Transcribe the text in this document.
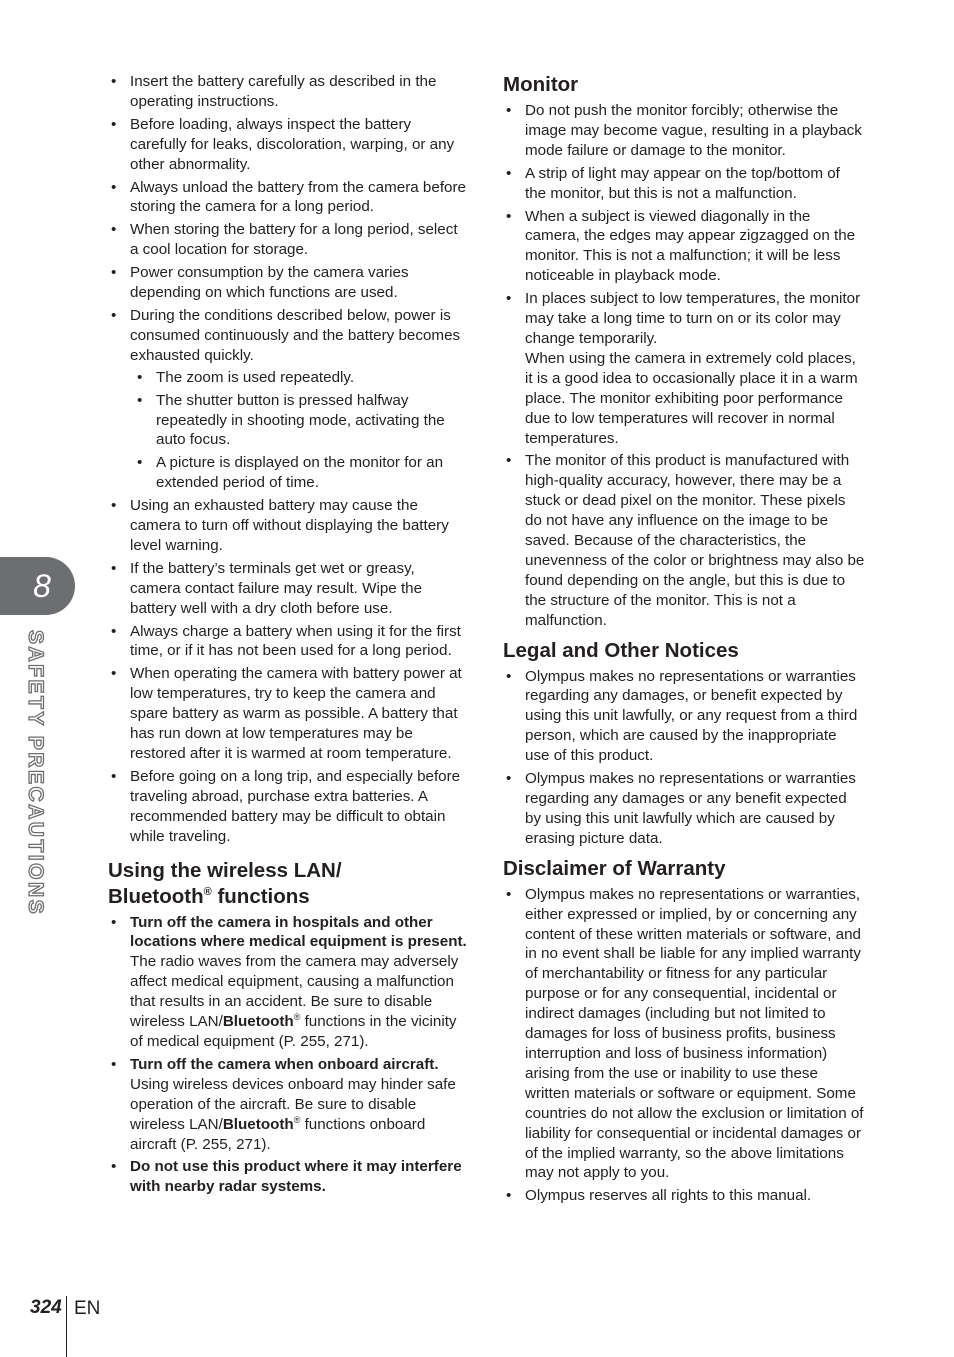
8
SAFETY PRECAUTIONS
• Insert the battery carefully as described in the operating instructions.
• Before loading, always inspect the battery carefully for leaks, discoloration, warping, or any other abnormality.
• Always unload the battery from the camera before storing the camera for a long period.
• When storing the battery for a long period, select a cool location for storage.
• Power consumption by the camera varies depending on which functions are used.
• During the conditions described below, power is consumed continuously and the battery becomes exhausted quickly.
• The zoom is used repeatedly.
• The shutter button is pressed halfway repeatedly in shooting mode, activating the auto focus.
• A picture is displayed on the monitor for an extended period of time.
• Using an exhausted battery may cause the camera to turn off without displaying the battery level warning.
• If the battery’s terminals get wet or greasy, camera contact failure may result. Wipe the battery well with a dry cloth before use.
• Always charge a battery when using it for the first time, or if it has not been used for a long period.
• When operating the camera with battery power at low temperatures, try to keep the camera and spare battery as warm as possible. A battery that has run down at low temperatures may be restored after it is warmed at room temperature.
• Before going on a long trip, and especially before traveling abroad, purchase extra batteries. A recommended battery may be difficult to obtain while traveling.
Using the wireless LAN/
Bluetooth® functions
• Turn off the camera in hospitals and other locations where medical equipment is present.
The radio waves from the camera may adversely affect medical equipment, causing a malfunction that results in an accident. Be sure to disable wireless LAN/Bluetooth® functions in the vicinity of medical equipment (P. 255, 271).
• Turn off the camera when onboard aircraft.
Using wireless devices onboard may hinder safe operation of the aircraft. Be sure to disable wireless LAN/Bluetooth® functions onboard aircraft (P. 255, 271).
• Do not use this product where it may interfere with nearby radar systems.
Monitor
• Do not push the monitor forcibly; otherwise the image may become vague, resulting in a playback mode failure or damage to the monitor.
• A strip of light may appear on the top/bottom of the monitor, but this is not a malfunction.
• When a subject is viewed diagonally in the camera, the edges may appear zigzagged on the monitor. This is not a malfunction; it will be less noticeable in playback mode.
• In places subject to low temperatures, the monitor may take a long time to turn on or its color may change temporarily.
When using the camera in extremely cold places, it is a good idea to occasionally place it in a warm place. The monitor exhibiting poor performance due to low temperatures will recover in normal temperatures.
• The monitor of this product is manufactured with high-quality accuracy, however, there may be a stuck or dead pixel on the monitor. These pixels do not have any influence on the image to be saved. Because of the characteristics, the unevenness of the color or brightness may also be found depending on the angle, but this is due to the structure of the monitor. This is not a malfunction.
Legal and Other Notices
• Olympus makes no representations or warranties regarding any damages, or benefit expected by using this unit lawfully, or any request from a third person, which are caused by the inappropriate use of this product.
• Olympus makes no representations or warranties regarding any damages or any benefit expected by using this unit lawfully which are caused by erasing picture data.
Disclaimer of Warranty
• Olympus makes no representations or warranties, either expressed or implied, by or concerning any content of these written materials or software, and in no event shall be liable for any implied warranty of merchantability or fitness for any particular purpose or for any consequential, incidental or indirect damages (including but not limited to damages for loss of business profits, business interruption and loss of business information) arising from the use or inability to use these written materials or software or equipment. Some countries do not allow the exclusion or limitation of liability for consequential or incidental damages or of the implied warranty, so the above limitations may not apply to you.
• Olympus reserves all rights to this manual.
324 EN
